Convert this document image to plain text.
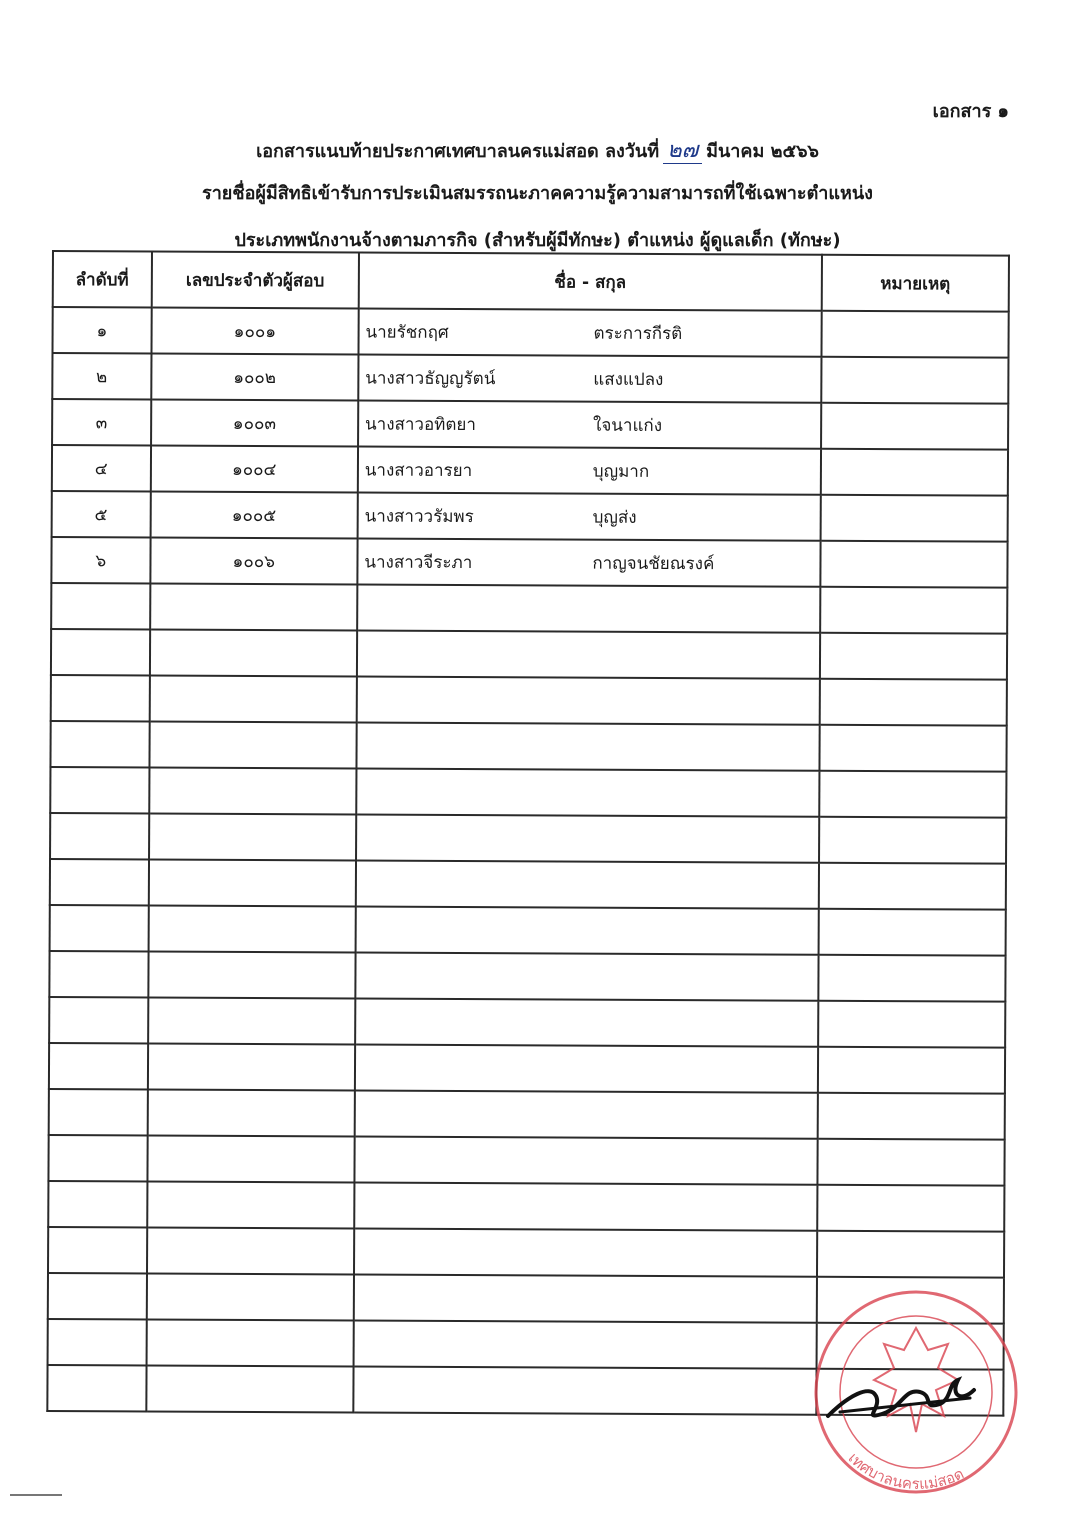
เอกสาร ๑
เอกสารแนบท้ายประกาศเทศบาลนครแม่สอด ลงวันที่ ๒๗ มีนาคม ๒๕๖๖
รายชื่อผู้มีสิทธิเข้ารับการประเมินสมรรถนะภาคความรู้ความสามารถที่ใช้เฉพาะตำแหน่ง
ประเภทพนักงานจ้างตามภารกิจ (สำหรับผู้มีทักษะ) ตำแหน่ง ผู้ดูแลเด็ก (ทักษะ)
ลำดับที่	เลขประจำตัวผู้สอบ	ชื่อ - สกุล	หมายเหตุ
๑	๑๐๐๑	นายรัชกฤศ ตระการกีรติ	

๒	๑๐๐๒	นางสาวธัญญรัตน์ แสงแปลง	

๓	๑๐๐๓	นางสาวอทิตยา ใจนาแก่ง	

๔	๑๐๐๔	นางสาวอารยา บุญมาก	

๕	๑๐๐๕	นางสาววรัมพร บุญส่ง	

๖	๑๐๐๖	นางสาวจีระภา กาญจนชัยณรงค์	

เทศบาลนครแม่สอด
